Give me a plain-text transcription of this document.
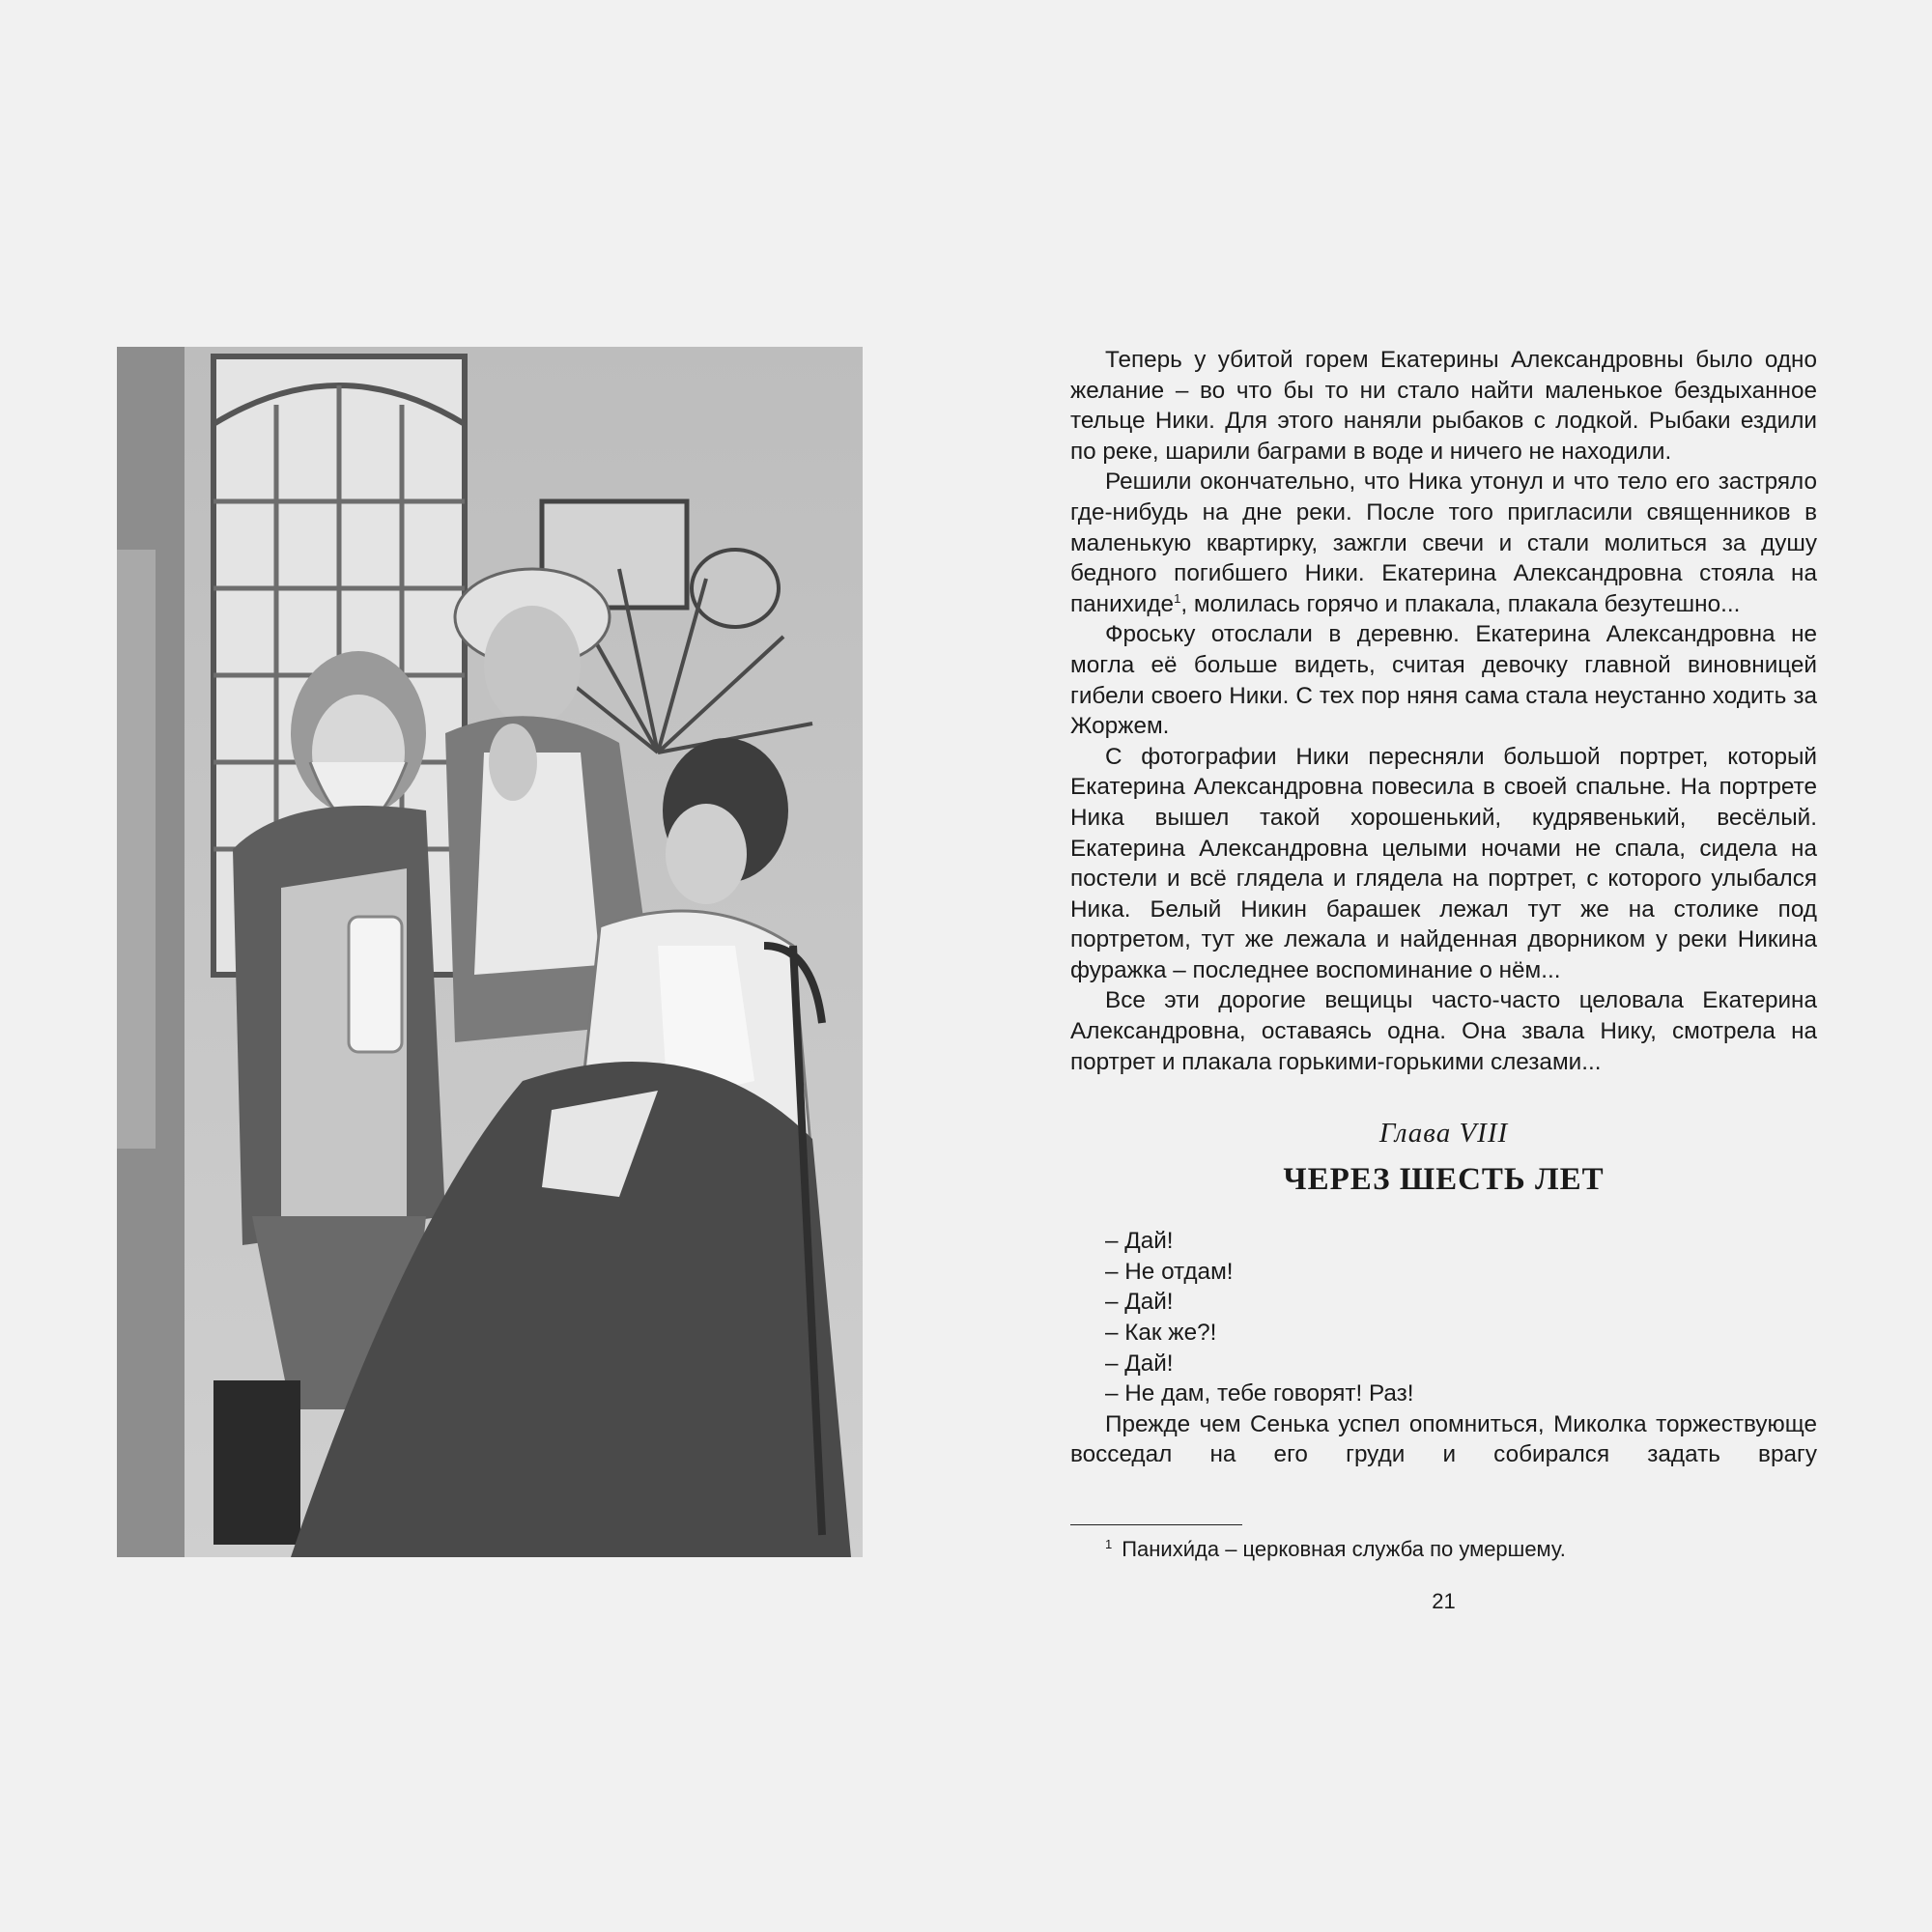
Теперь у убитой горем Екатерины Александровны было одно желание – во что бы то ни стало найти маленькое бездыханное тельце Ники. Для этого наняли рыбаков с лодкой. Рыбаки ездили по реке, шарили баграми в воде и ничего не находили.

Решили окончательно, что Ника утонул и что тело его застряло где-нибудь на дне реки. После того пригласили священников в маленькую квартирку, зажгли свечи и стали молиться за душу бедного погибшего Ники. Екатерина Александровна стояла на панихиде$^1$, молилась горячо и плакала, плакала безутешно...

Фроську отослали в деревню. Екатерина Александровна не могла её больше видеть, считая девочку главной виновницей гибели своего Ники. С тех пор няня сама стала неустанно ходить за Жоржем.

С фотографии Ники пересняли большой портрет, который Екатерина Александровна повесила в своей спальне. На портрете Ника вышел такой хорошенький, кудрявенький, весёлый. Екатерина Александровна целыми ночами не спала, сидела на постели и всё глядела и глядела на портрет, с которого улыбался Ника. Белый Никин барашек лежал тут же на столике под портретом, тут же лежала и найденная дворником у реки Никина фуражка – последнее воспоминание о нём...

Все эти дорогие вещицы часто-часто целовала Екатерина Александровна, оставаясь одна. Она звала Нику, смотрела на портрет и плакала горькими-горькими слезами...

Глава VIII

ЧЕРЕЗ ШЕСТЬ ЛЕТ

– Дай!

– Не отдам!

– Дай!

– Как же?!

– Дай!

– Не дам, тебе говорят! Раз!

Прежде чем Сенька успел опомниться, Миколка торжествующе восседал на его груди и собирался задать врагу

$^1$ Панихи́да – церковная служба по умершему.

21
